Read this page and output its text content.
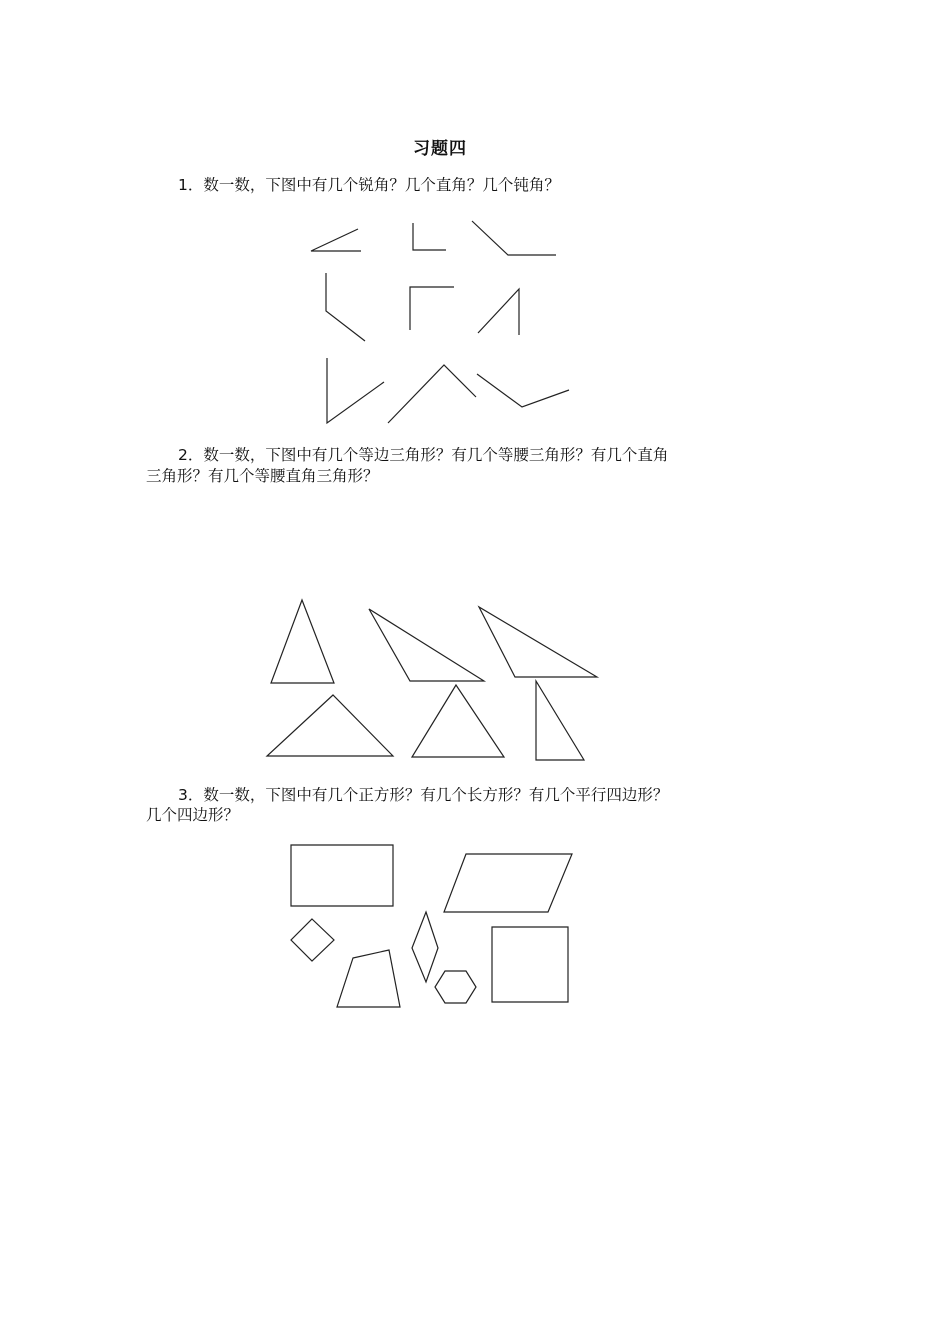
习题四
1．数一数，下图中有几个锐角？几个直角？几个钝角？
2．数一数，下图中有几个等边三角形？有几个等腰三角形？有几个直角
三角形？有几个等腰直角三角形？
3．数一数，下图中有几个正方形？有几个长方形？有几个平行四边形？
几个四边形？
